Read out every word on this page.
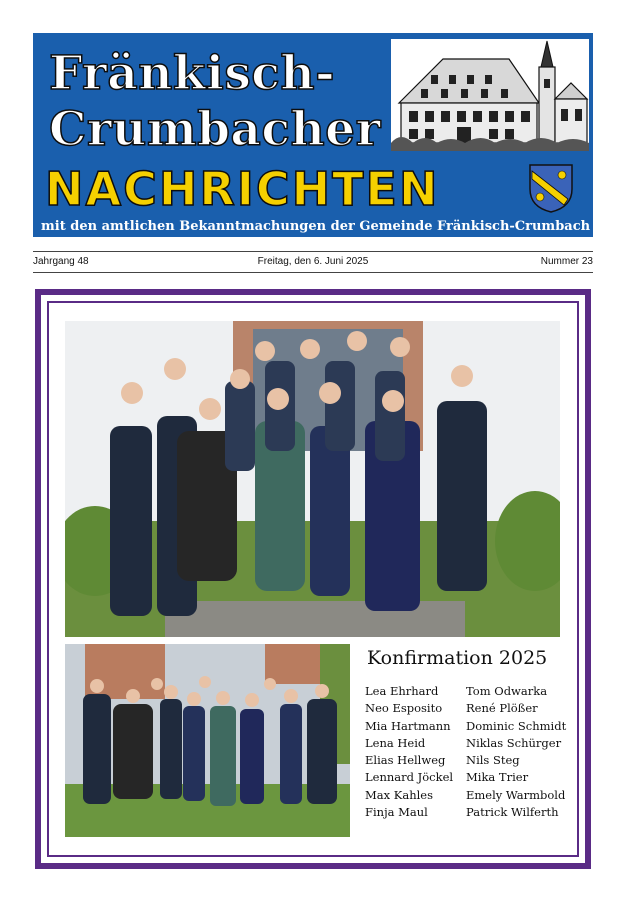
Fränkisch-
Crumbacher
NACHRICHTEN
mit den amtlichen Bekanntmachungen der Gemeinde Fränkisch-Crumbach
Jahrgang 48	Freitag, den 6. Juni 2025	Nummer 23
Konfirmation 2025
Lea Ehrhard
Neo Esposito
Mia Hartmann
Lena Heid
Elias Hellweg
Lennard Jöckel
Max Kahles
Finja Maul
Tom Odwarka
René Plößer
Dominic Schmidt
Niklas Schürger
Nils Steg
Mika Trier
Emely Warmbold
Patrick Wilferth
